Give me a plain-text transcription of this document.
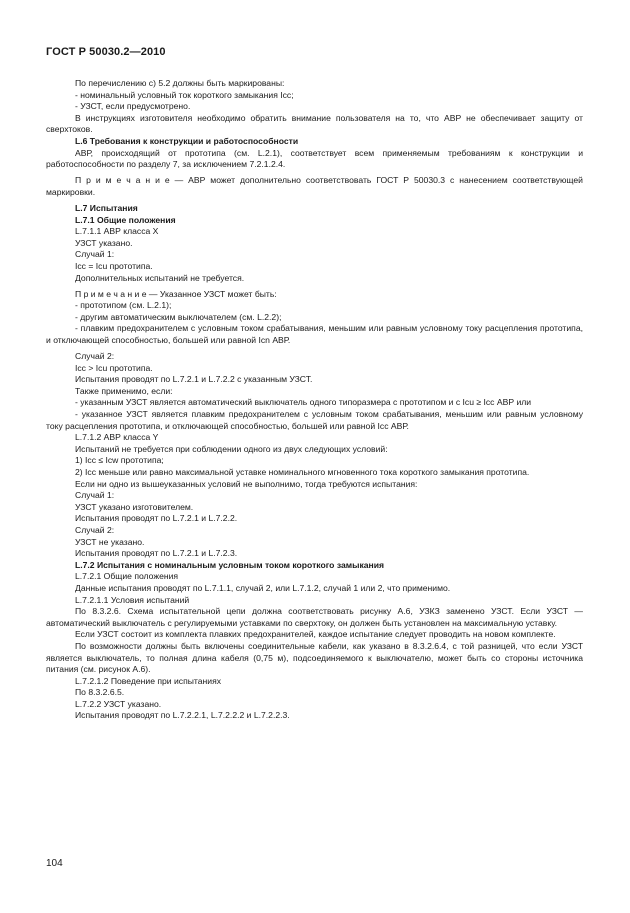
ГОСТ Р 50030.2—2010

По перечислению c) 5.2 должны быть маркированы:

- номинальный условный ток короткого замыкания Icc;

- УЗСТ, если предусмотрено.

В инструкциях изготовителя необходимо обратить внимание пользователя на то, что АВР не обеспечивает защиту от сверхтоков.

L.6 Требования к конструкции и работоспособности

АВР, происходящий от прототипа (см. L.2.1), соответствует всем применяемым требованиям к конструкции и работоспособности по разделу 7, за исключением 7.2.1.2.4.

П р и м е ч а н и е — АВР может дополнительно соответствовать ГОСТ Р 50030.3 с нанесением соответствующей маркировки.

L.7 Испытания

L.7.1 Общие положения

L.7.1.1 АВР класса Х

УЗСТ указано.

Случай 1:

Icc = Icu прототипа.

Дополнительных испытаний не требуется.

П р и м е ч а н и е — Указанное УЗСТ может быть:

- прототипом (см. L.2.1);

- другим автоматическим выключателем (см. L.2.2);

- плавким предохранителем с условным током срабатывания, меньшим или равным условному току расцепления прототипа, и отключающей способностью, большей или равной Icn АВР.

Случай 2:

Icc > Icu прототипа.

Испытания проводят по L.7.2.1 и L.7.2.2 с указанным УЗСТ.

Также применимо, если:

- указанным УЗСТ является автоматический выключатель одного типоразмера с прототипом и с Icu ≥ Icc АВР или

- указанное УЗСТ является плавким предохранителем с условным током срабатывания, меньшим или равным условному току расцепления прототипа, и отключающей способностью, большей или равной Icc АВР.

L.7.1.2 АВР класса Y

Испытаний не требуется при соблюдении одного из двух следующих условий:

1) Icc ≤ Icw прототипа;

2) Icc меньше или равно максимальной уставке номинального мгновенного тока короткого замыкания прототипа.

Если ни одно из вышеуказанных условий не выполнимо, тогда требуются испытания:

Случай 1:

УЗСТ указано изготовителем.

Испытания проводят по L.7.2.1 и L.7.2.2.

Случай 2:

УЗСТ не указано.

Испытания проводят по L.7.2.1 и L.7.2.3.

L.7.2 Испытания с номинальным условным током короткого замыкания

L.7.2.1 Общие положения

Данные испытания проводят по L.7.1.1, случай 2, или L.7.1.2, случай 1 или 2, что применимо.

L.7.2.1.1 Условия испытаний

По 8.3.2.6. Схема испытательной цепи должна соответствовать рисунку А.6, УЗКЗ заменено УЗСТ. Если УЗСТ — автоматический выключатель с регулируемыми уставками по сверхтоку, он должен быть установлен на максимальную уставку.

Если УЗСТ состоит из комплекта плавких предохранителей, каждое испытание следует проводить на новом комплекте.

По возможности должны быть включены соединительные кабели, как указано в 8.3.2.6.4, с той разницей, что если УЗСТ является выключатель, то полная длина кабеля (0,75 м), подсоединяемого к выключателю, может быть со стороны источника питания (см. рисунок А.6).

L.7.2.1.2 Поведение при испытаниях

По 8.3.2.6.5.

L.7.2.2 УЗСТ указано.

Испытания проводят по L.7.2.2.1, L.7.2.2.2 и L.7.2.2.3.

104
